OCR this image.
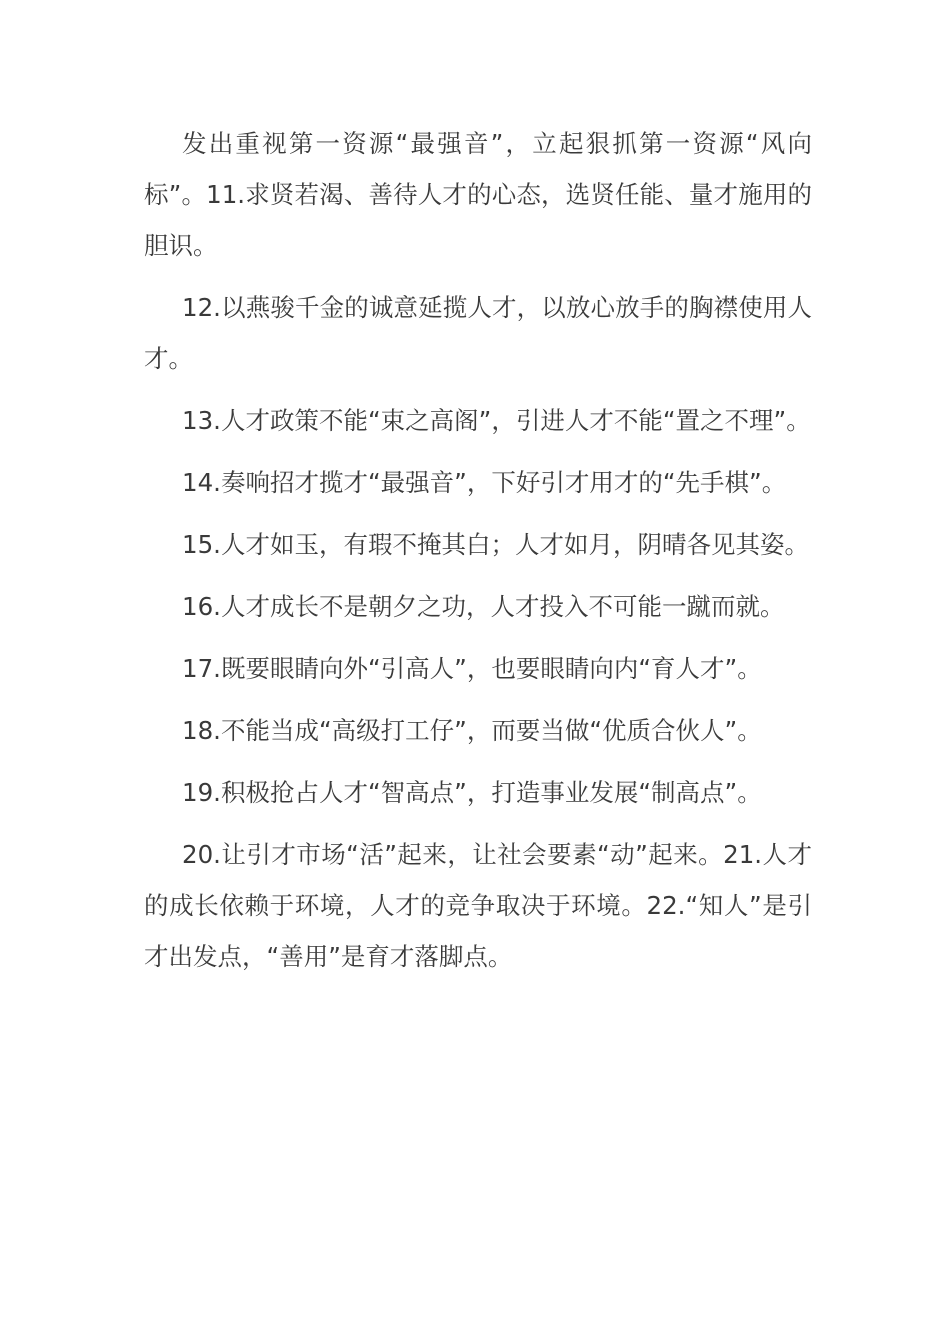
发出重视第一资源“最强音”，立起狠抓第一资源“风向标”。11.求贤若渴、善待人才的心态，选贤任能、量才施用的胆识。

12.以燕骏千金的诚意延揽人才，以放心放手的胸襟使用人才。

13.人才政策不能“束之高阁”，引进人才不能“置之不理”。

14.奏响招才揽才“最强音”，下好引才用才的“先手棋”。

15.人才如玉，有瑕不掩其白；人才如月，阴晴各见其姿。

16.人才成长不是朝夕之功，人才投入不可能一蹴而就。

17.既要眼睛向外“引高人”，也要眼睛向内“育人才”。

18.不能当成“高级打工仔”，而要当做“优质合伙人”。

19.积极抢占人才“智高点”，打造事业发展“制高点”。

20.让引才市场“活”起来，让社会要素“动”起来。21.人才的成长依赖于环境，人才的竞争取决于环境。22.“知人”是引才出发点，“善用”是育才落脚点。
